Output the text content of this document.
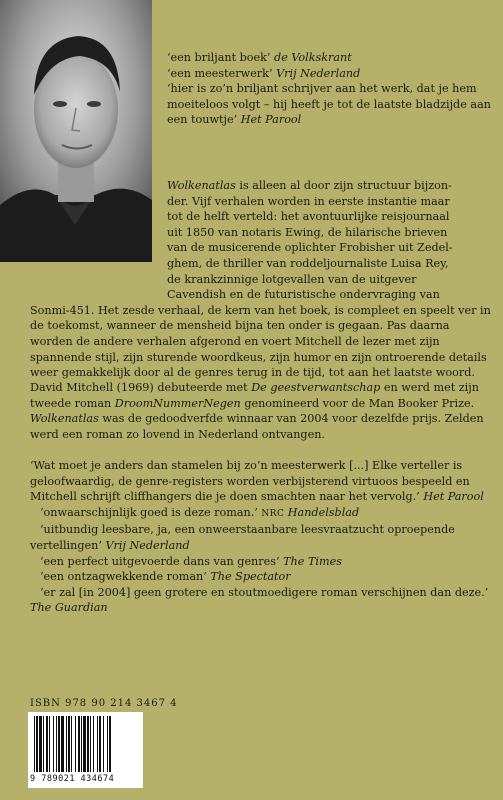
‘een briljant boek’ de Volkskrant

‘een meesterwerk’ Vrij Nederland

‘hier is zo’n briljant schrijver aan het werk, dat je hem moeiteloos volgt – hij heeft je tot de laatste bladzijde aan een touwtje’ Het Parool

Wolkenatlas is alleen al door zijn structuur bijzon-

der. Vijf verhalen worden in eerste instantie maar

tot de helft verteld: het avontuurlijke reisjournaal

uit 1850 van notaris Ewing, de hilarische brieven

van de musicerende oplichter Frobisher uit Zedel-

ghem, de thriller van roddeljournaliste Luisa Rey,

de krankzinnige lotgevallen van de uitgever

Cavendish en de futuristische ondervraging van

Sonmi-451. Het zesde verhaal, de kern van het boek, is compleet en speelt ver in de toekomst, wanneer de mensheid bijna ten onder is gegaan. Pas daarna worden de andere verhalen afgerond en voert Mitchell de lezer met zijn spannende stijl, zijn sturende woordkeus, zijn humor en zijn ontroerende details weer gemakkelijk door al de genres terug in de tijd, tot aan het laatste woord.

David Mitchell (1969) debuteerde met De geestverwantschap en werd met zijn tweede roman DroomNummerNegen genomineerd voor de Man Booker Prize. Wolkenatlas was de gedoodverfde winnaar van 2004 voor dezelfde prijs. Zelden werd een roman zo lovend in Nederland ontvangen.

‘Wat moet je anders dan stamelen bij zo’n meesterwerk [...] Elke verteller is geloofwaardig, de genre-registers worden verbijsterend virtuoos bespeeld en Mitchell schrijft cliffhangers die je doen smachten naar het vervolg.’ Het Parool

‘onwaarschijnlijk goed is deze roman.’ NRC Handelsblad

‘uitbundig leesbare, ja, een onweerstaanbare leesvraatzucht oproepende vertellingen’ Vrij Nederland

‘een perfect uitgevoerde dans van genres’ The Times

‘een ontzagwekkende roman’ The Spectator

‘er zal [in 2004] geen grotere en stoutmoedigere roman verschijnen dan deze.’ The Guardian

ISBN 978 90 214 3467 4
9 789021 434674
